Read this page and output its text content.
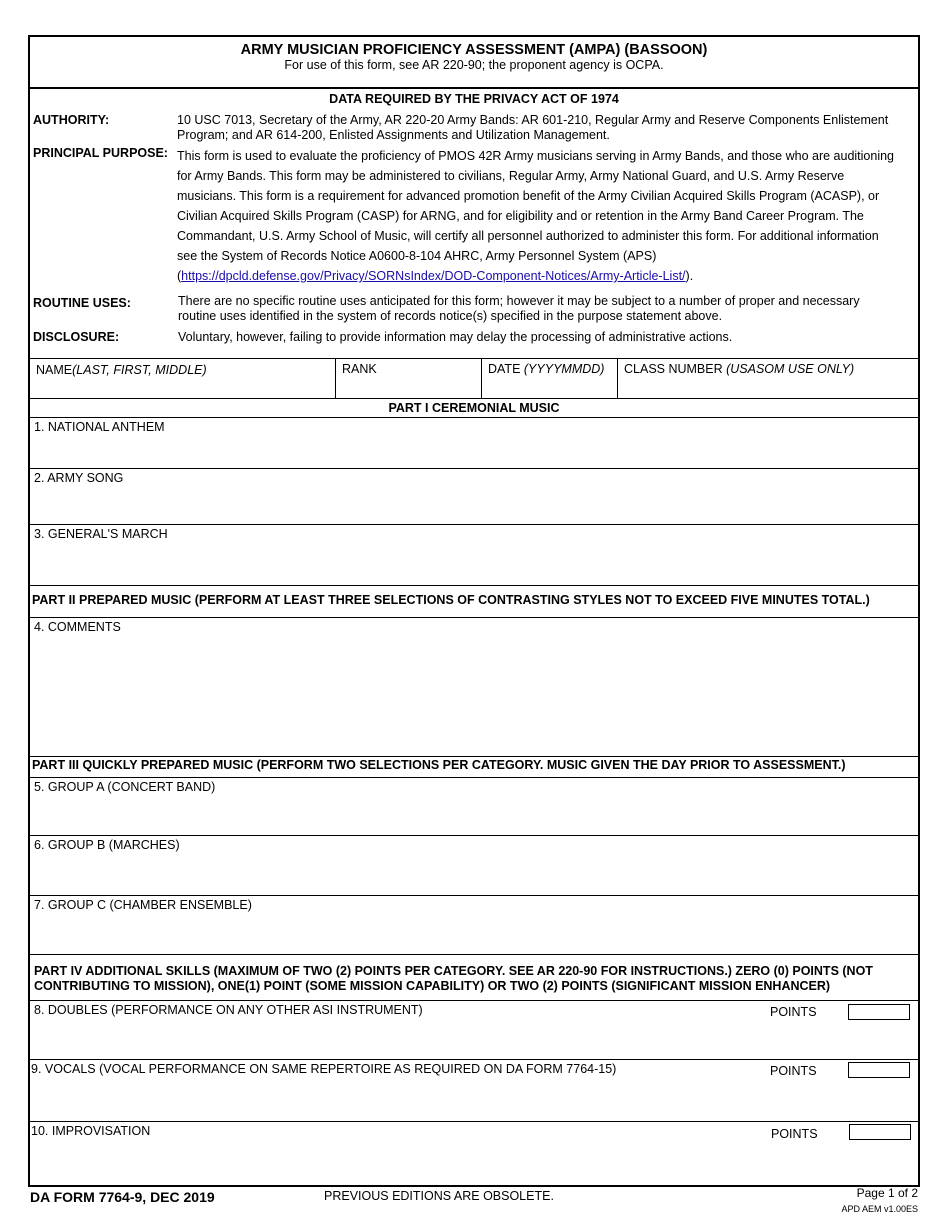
ARMY MUSICIAN PROFICIENCY ASSESSMENT (AMPA) (BASSOON)
For use of this form, see AR 220-90; the proponent agency is OCPA.
DATA REQUIRED BY THE PRIVACY ACT OF 1974
AUTHORITY:	10 USC 7013, Secretary of the Army, AR 220-20 Army Bands: AR 601-210, Regular Army and Reserve Components Enlistement Program; and AR 614-200, Enlisted Assignments and Utilization Management.
PRINCIPAL PURPOSE: This form is used to evaluate the proficiency of PMOS 42R Army musicians serving in Army Bands, and those who are auditioning for Army Bands. This form may be administered to civilians, Regular Army, Army National Guard, and U.S. Army Reserve musicians. This form is a requirement for advanced promotion benefit of the Army Civilian Acquired Skills Program (ACASP), or Civilian Acquired Skills Program (CASP) for ARNG, and for eligibility and or retention in the Army Band Career Program. The Commandant, U.S. Army School of Music, will certify all personnel authorized to administer this form. For additional information see the System of Records Notice A0600-8-104 AHRC, Army Personnel System (APS) (https://dpcld.defense.gov/Privacy/SORNsIndex/DOD-Component-Notices/Army-Article-List/).
ROUTINE USES:	There are no specific routine uses anticipated for this form; however it may be subject to a number of proper and necessary routine uses identified in the system of records notice(s) specified in the purpose statement above.
DISCLOSURE:	Voluntary, however, failing to provide information may delay the processing of administrative actions.
NAME(LAST, FIRST, MIDDLE)	RANK	DATE (YYYYMMDD)	CLASS NUMBER (USASOM USE ONLY)
PART I CEREMONIAL MUSIC
1. NATIONAL ANTHEM
2. ARMY SONG
3. GENERAL'S MARCH
PART II PREPARED MUSIC (PERFORM AT LEAST THREE SELECTIONS OF CONTRASTING STYLES NOT TO EXCEED FIVE MINUTES TOTAL.)
4. COMMENTS
PART III QUICKLY PREPARED MUSIC (PERFORM TWO SELECTIONS PER CATEGORY. MUSIC GIVEN THE DAY PRIOR TO ASSESSMENT.)
5. GROUP A (CONCERT BAND)
6. GROUP B (MARCHES)
7. GROUP C (CHAMBER ENSEMBLE)
PART IV ADDITIONAL SKILLS (MAXIMUM OF TWO (2) POINTS PER CATEGORY. SEE AR 220-90 FOR INSTRUCTIONS.) ZERO (0) POINTS (NOT CONTRIBUTING TO MISSION), ONE(1) POINT (SOME MISSION CAPABILITY) OR TWO (2) POINTS (SIGNIFICANT MISSION ENHANCER)
8. DOUBLES (PERFORMANCE ON ANY OTHER ASI INSTRUMENT)	POINTS
9. VOCALS (VOCAL PERFORMANCE ON SAME REPERTOIRE AS REQUIRED ON DA FORM 7764-15)	POINTS
10. IMPROVISATION	POINTS
DA FORM 7764-9, DEC 2019	PREVIOUS EDITIONS ARE OBSOLETE.	Page 1 of 2
APD AEM v1.00ES
